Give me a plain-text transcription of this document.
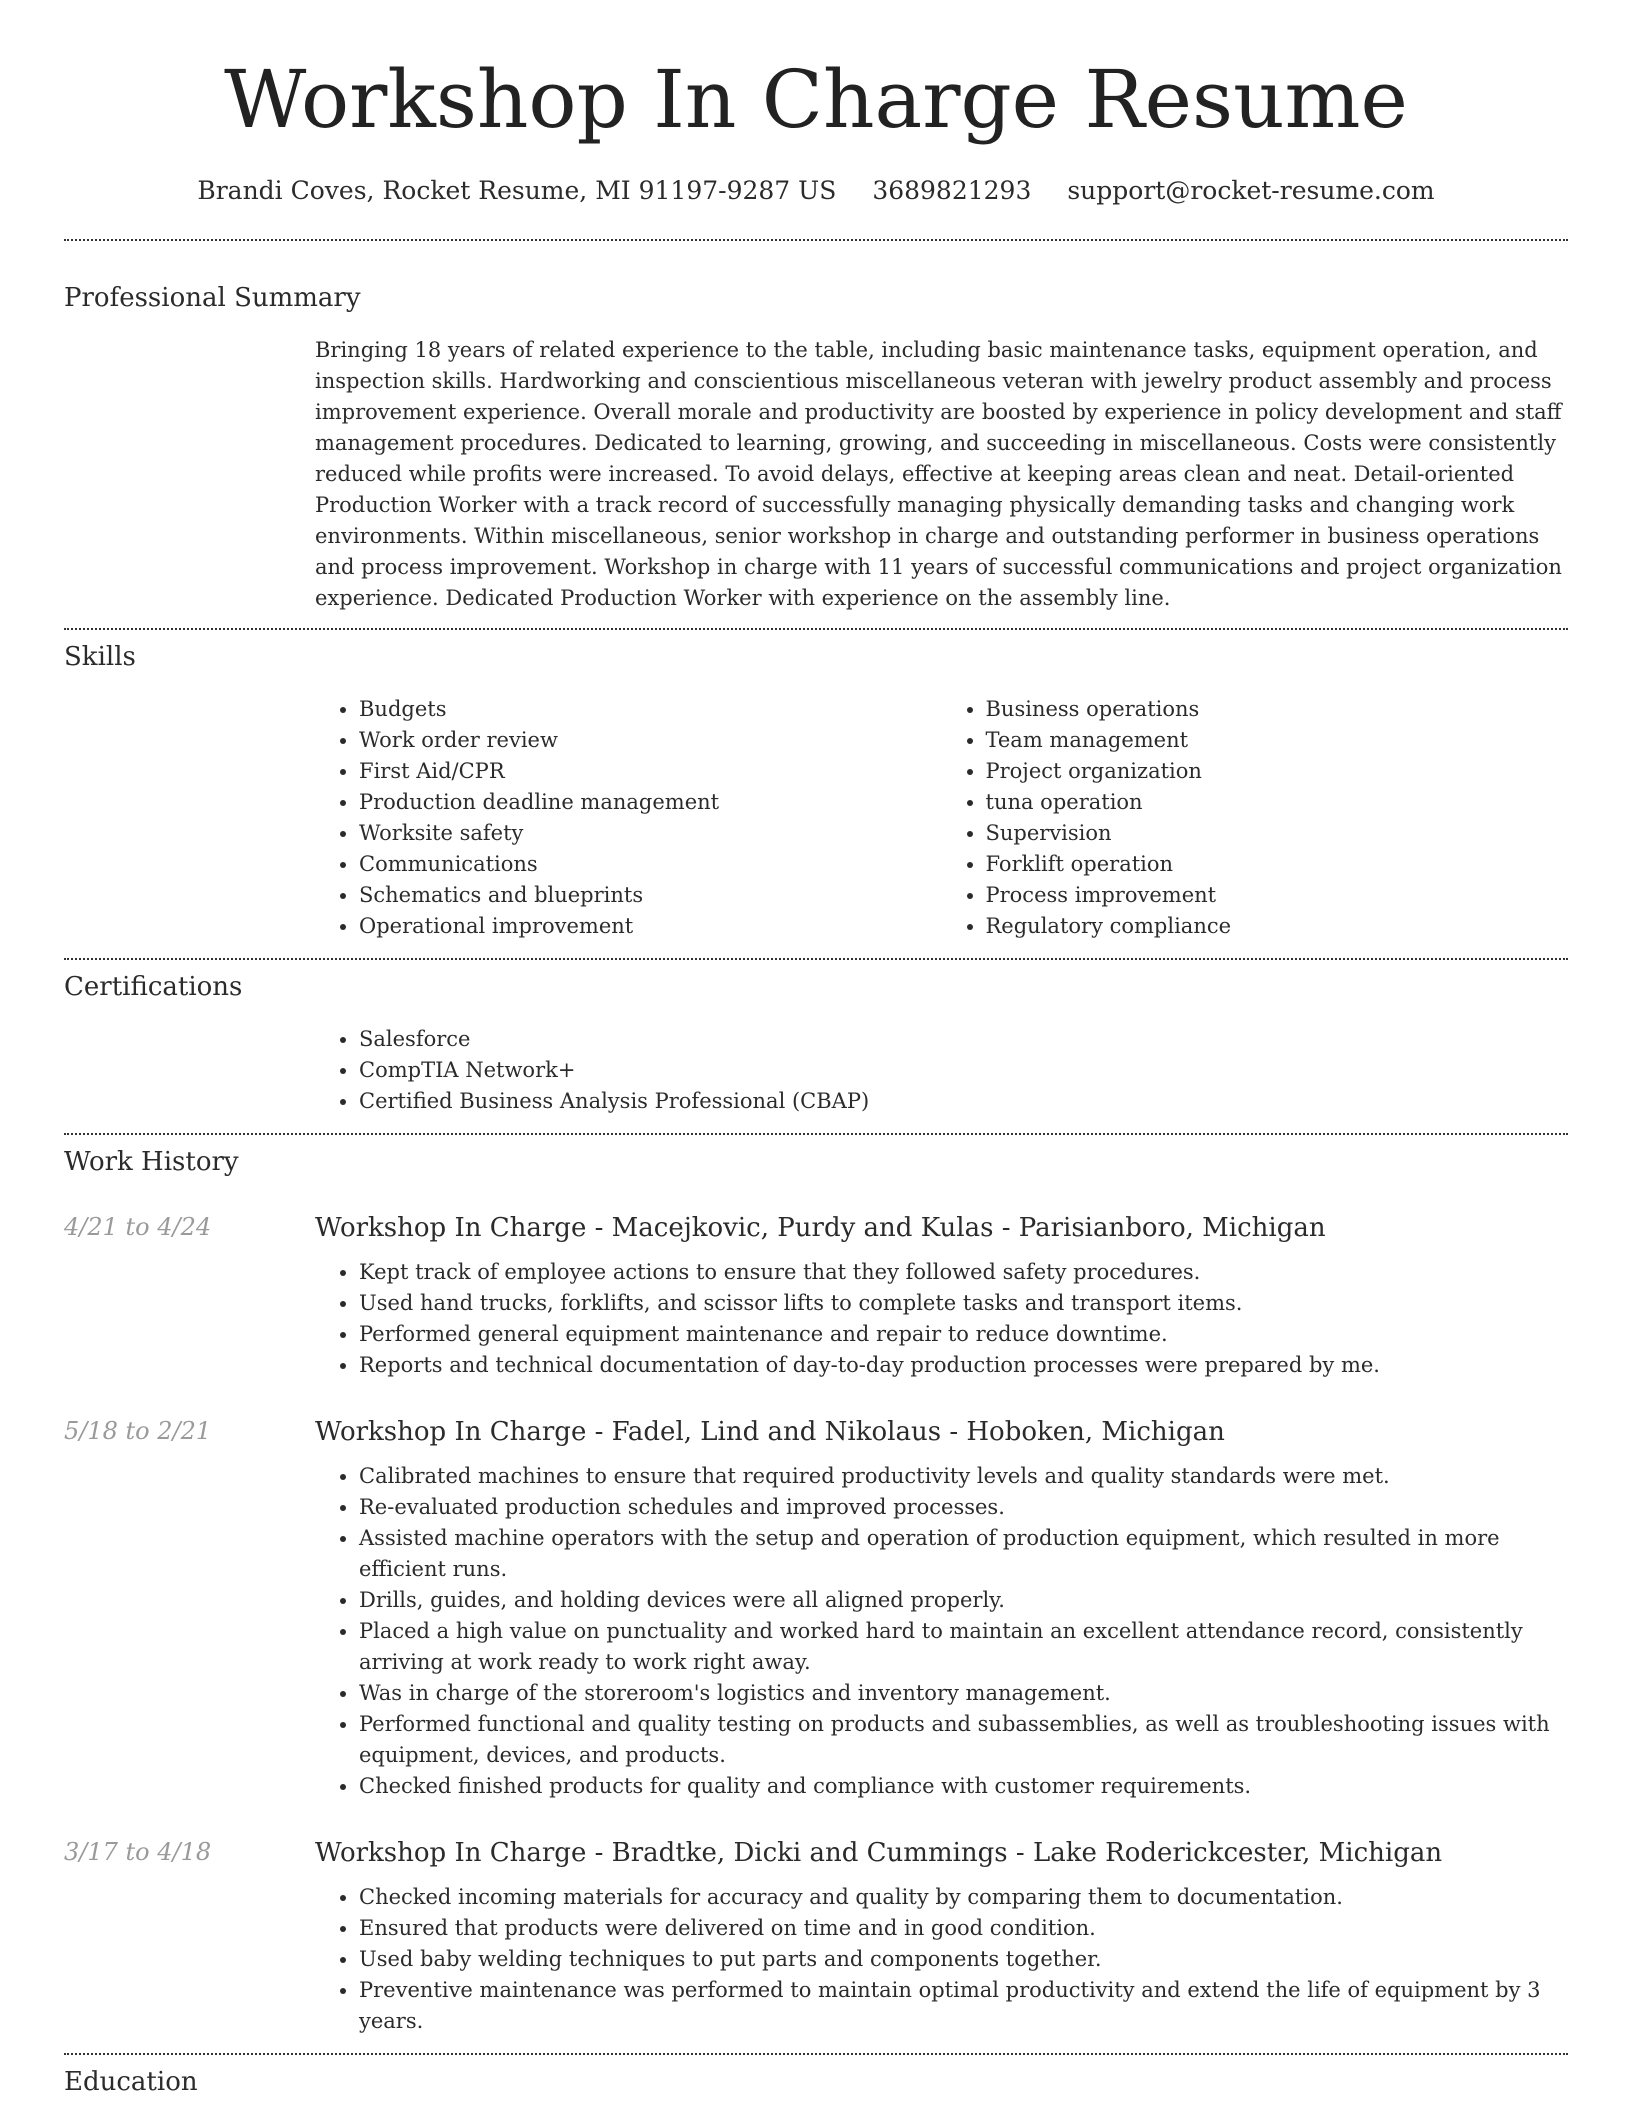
Workshop In Charge Resume
Brandi Coves, Rocket Resume, MI 91197-9287 US 3689821293 support@rocket-resume.com
Professional Summary
Bringing 18 years of related experience to the table, including basic maintenance tasks, equipment operation, and inspection skills. Hardworking and conscientious miscellaneous veteran with jewelry product assembly and process improvement experience. Overall morale and productivity are boosted by experience in policy development and staff management procedures. Dedicated to learning, growing, and succeeding in miscellaneous. Costs were consistently reduced while profits were increased. To avoid delays, effective at keeping areas clean and neat. Detail-oriented Production Worker with a track record of successfully managing physically demanding tasks and changing work environments. Within miscellaneous, senior workshop in charge and outstanding performer in business operations and process improvement. Workshop in charge with 11 years of successful communications and project organization experience. Dedicated Production Worker with experience on the assembly line.
Skills
• Budgets
• Work order review
• First Aid/CPR
• Production deadline management
• Worksite safety
• Communications
• Schematics and blueprints
• Operational improvement
• Business operations
• Team management
• Project organization
• tuna operation
• Supervision
• Forklift operation
• Process improvement
• Regulatory compliance
Certifications
• Salesforce
• CompTIA Network+
• Certified Business Analysis Professional (CBAP)
Work History
4/21 to 4/24	Workshop In Charge - Macejkovic, Purdy and Kulas - Parisianboro, Michigan
• Kept track of employee actions to ensure that they followed safety procedures.
• Used hand trucks, forklifts, and scissor lifts to complete tasks and transport items.
• Performed general equipment maintenance and repair to reduce downtime.
• Reports and technical documentation of day-to-day production processes were prepared by me.
5/18 to 2/21	Workshop In Charge - Fadel, Lind and Nikolaus - Hoboken, Michigan
• Calibrated machines to ensure that required productivity levels and quality standards were met.
• Re-evaluated production schedules and improved processes.
• Assisted machine operators with the setup and operation of production equipment, which resulted in more efficient runs.
• Drills, guides, and holding devices were all aligned properly.
• Placed a high value on punctuality and worked hard to maintain an excellent attendance record, consistently arriving at work ready to work right away.
• Was in charge of the storeroom's logistics and inventory management.
• Performed functional and quality testing on products and subassemblies, as well as troubleshooting issues with equipment, devices, and products.
• Checked finished products for quality and compliance with customer requirements.
3/17 to 4/18	Workshop In Charge - Bradtke, Dicki and Cummings - Lake Roderickcester, Michigan
• Checked incoming materials for accuracy and quality by comparing them to documentation.
• Ensured that products were delivered on time and in good condition.
• Used baby welding techniques to put parts and components together.
• Preventive maintenance was performed to maintain optimal productivity and extend the life of equipment by 3 years.
Education
